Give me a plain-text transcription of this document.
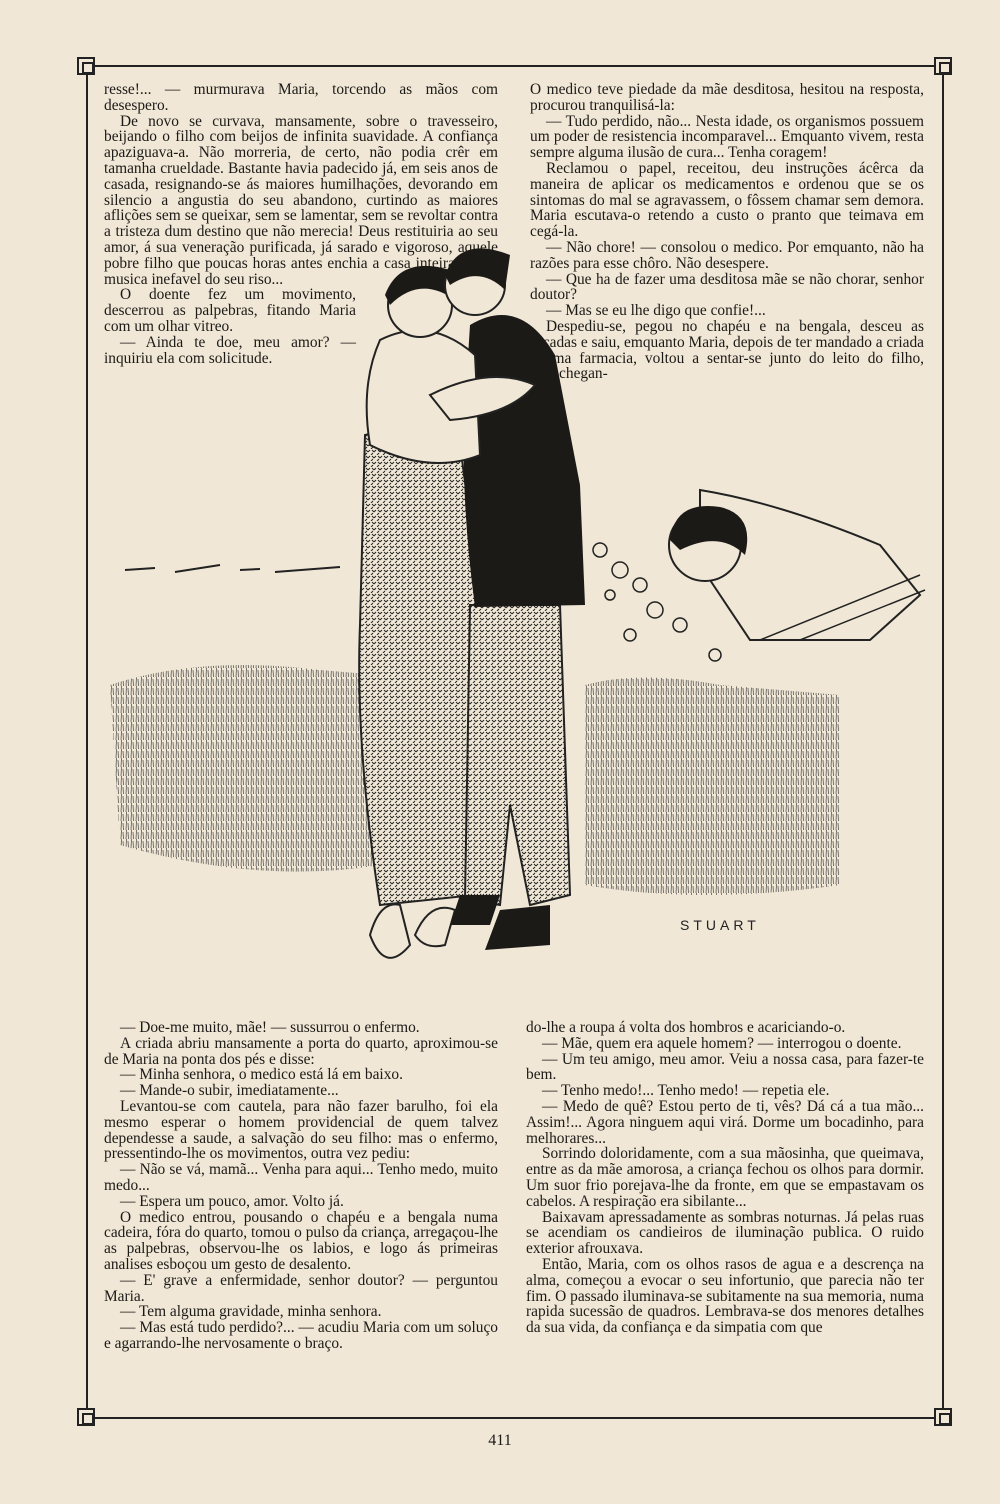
STUART

resse!... — murmurava Maria, torcendo as mãos com desespero.

De novo se curvava, mansamente, sobre o travesseiro, beijando o filho com beijos de infinita suavidade. A confiança apaziguava-a. Não morreria, de certo, não podia crêr em tamanha crueldade. Bastante havia padecido já, em seis anos de casada, resignando-se ás maiores humilhações, devorando em silencio a angustia do seu abandono, curtindo as maiores aflições sem se queixar, sem se lamentar, sem se revoltar contra a tristeza dum destino que não merecia! Deus restituiria ao seu amor, á sua veneração purificada, já sarado e vigoroso, aquele pobre filho que poucas horas antes enchia a casa inteira com a musica inefavel do seu riso...

O doente fez um movimento, descerrou as palpebras, fitando Maria com um olhar vitreo.

— Ainda te doe, meu amor? — inquiriu ela com solicitude.

O medico teve piedade da mãe desditosa, hesitou na resposta, procurou tranquilisá-la:

— Tudo perdido, não... Nesta idade, os organismos possuem um poder de resistencia incomparavel... Emquanto vivem, resta sempre alguma ilusão de cura... Tenha coragem!

Reclamou o papel, receitou, deu instruções ácêrca da maneira de aplicar os medicamentos e ordenou que se os sintomas do mal se agravassem, o fôssem chamar sem demora. Maria escutava-o retendo a custo o pranto que teimava em cegá-la.

— Não chore! — consolou o medico. Por emquanto, não ha razões para esse chôro. Não desespere.

— Que ha de fazer uma desditosa mãe se não chorar, senhor doutor?

— Mas se eu lhe digo que confie!...

Despediu-se, pegou no chapéu e na bengala, desceu as escadas e saiu, emquanto Maria, depois de ter mandado a criada a uma farmacia, voltou a sentar-se junto do leito do filho, aconchegan-

— Doe-me muito, mãe! — sussurrou o enfermo.

A criada abriu mansamente a porta do quarto, aproximou-se de Maria na ponta dos pés e disse:

— Minha senhora, o medico está lá em baixo.

— Mande-o subir, imediatamente...

Levantou-se com cautela, para não fazer barulho, foi ela mesmo esperar o homem providencial de quem talvez dependesse a saude, a salvação do seu filho: mas o enfermo, pressentindo-lhe os movimentos, outra vez pediu:

— Não se vá, mamã... Venha para aqui... Tenho medo, muito medo...

— Espera um pouco, amor. Volto já.

O medico entrou, pousando o chapéu e a bengala numa cadeira, fóra do quarto, tomou o pulso da criança, arregaçou-lhe as palpebras, observou-lhe os labios, e logo ás primeiras analises esboçou um gesto de desalento.

— E' grave a enfermidade, senhor doutor? — perguntou Maria.

— Tem alguma gravidade, minha senhora.

— Mas está tudo perdido?... — acudiu Maria com um soluço e agarrando-lhe nervosamente o braço.

do-lhe a roupa á volta dos hombros e acariciando-o.

— Mãe, quem era aquele homem? — interrogou o doente.

— Um teu amigo, meu amor. Veiu a nossa casa, para fazer-te bem.

— Tenho medo!... Tenho medo! — repetia ele.

— Medo de quê? Estou perto de ti, vês? Dá cá a tua mão... Assim!... Agora ninguem aqui virá. Dorme um bocadinho, para melhorares...

Sorrindo doloridamente, com a sua mãosinha, que queimava, entre as da mãe amorosa, a criança fechou os olhos para dormir. Um suor frio porejava-lhe da fronte, em que se empastavam os cabelos. A respiração era sibilante...

Baixavam apressadamente as sombras noturnas. Já pelas ruas se acendiam os candieiros de iluminação publica. O ruido exterior afrouxava.

Então, Maria, com os olhos rasos de agua e a descrença na alma, começou a evocar o seu infortunio, que parecia não ter fim. O passado iluminava-se subitamente na sua memoria, numa rapida sucessão de quadros. Lembrava-se dos menores detalhes da sua vida, da confiança e da simpatia com que

411
